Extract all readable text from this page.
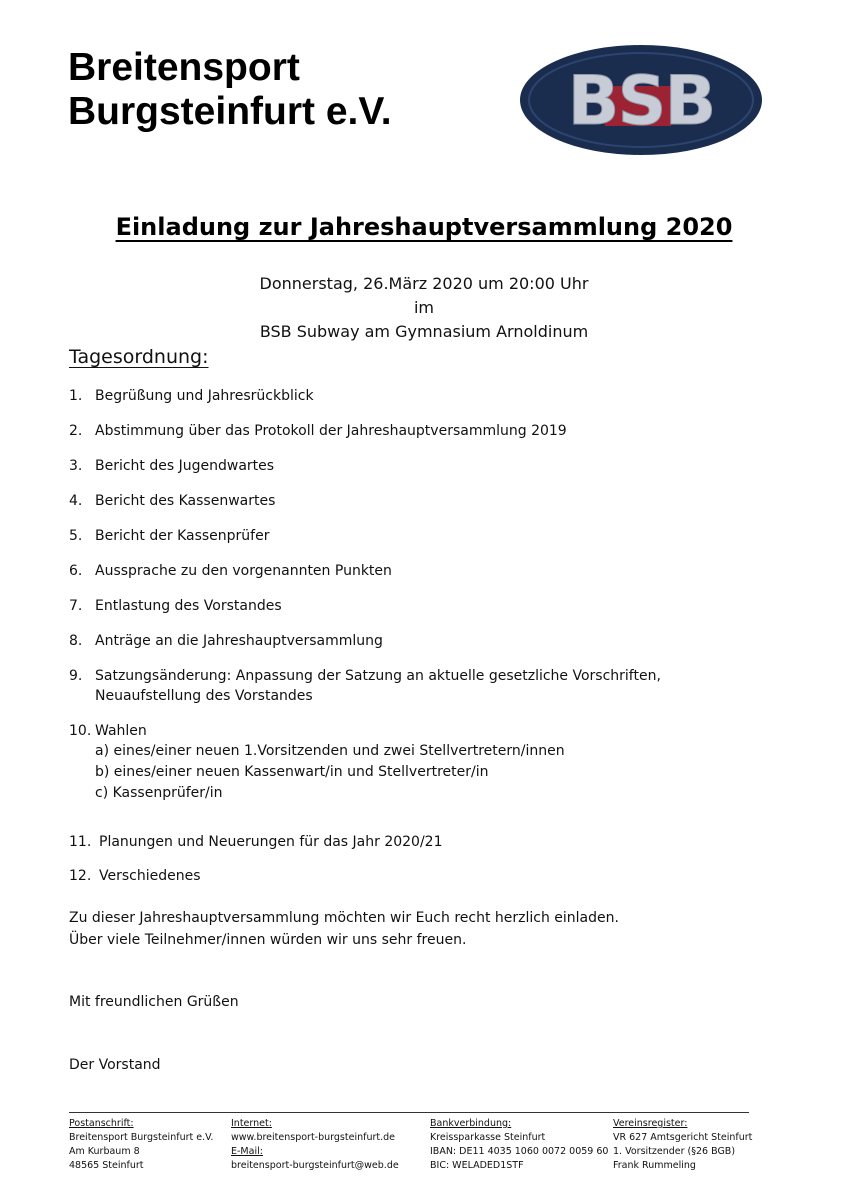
Breitensport
Burgsteinfurt e.V.	BSB
Einladung zur Jahreshauptversammlung 2020
Donnerstag, 26.März 2020 um 20:00 Uhr
im
BSB Subway am Gymnasium Arnoldinum
Tagesordnung:
1. Begrüßung und Jahresrückblick
2. Abstimmung über das Protokoll der Jahreshauptversammlung 2019
3. Bericht des Jugendwartes
4. Bericht des Kassenwartes
5. Bericht der Kassenprüfer
6. Aussprache zu den vorgenannten Punkten
7. Entlastung des Vorstandes
8. Anträge an die Jahreshauptversammlung
9. Satzungsänderung: Anpassung der Satzung an aktuelle gesetzliche Vorschriften,
Neuaufstellung des Vorstandes
10. Wahlen
a) eines/einer neuen 1.Vorsitzenden und zwei Stellvertretern/innen
b) eines/einer neuen Kassenwart/in und Stellvertreter/in
c) Kassenprüfer/in
11. Planungen und Neuerungen für das Jahr 2020/21
12. Verschiedenes
Zu dieser Jahreshauptversammlung möchten wir Euch recht herzlich einladen.
Über viele Teilnehmer/innen würden wir uns sehr freuen.
Mit freundlichen Grüßen
Der Vorstand
Postanschrift:
Breitensport Burgsteinfurt e.V.
Am Kurbaum 8
48565 Steinfurt
Internet:
www.breitensport-burgsteinfurt.de
E-Mail:
breitensport-burgsteinfurt@web.de
Bankverbindung:
Kreissparkasse Steinfurt
IBAN: DE11 4035 1060 0072 0059 60
BIC: WELADED1STF
Vereinsregister:
VR 627 Amtsgericht Steinfurt
1. Vorsitzender (§26 BGB)
Frank Rummeling
